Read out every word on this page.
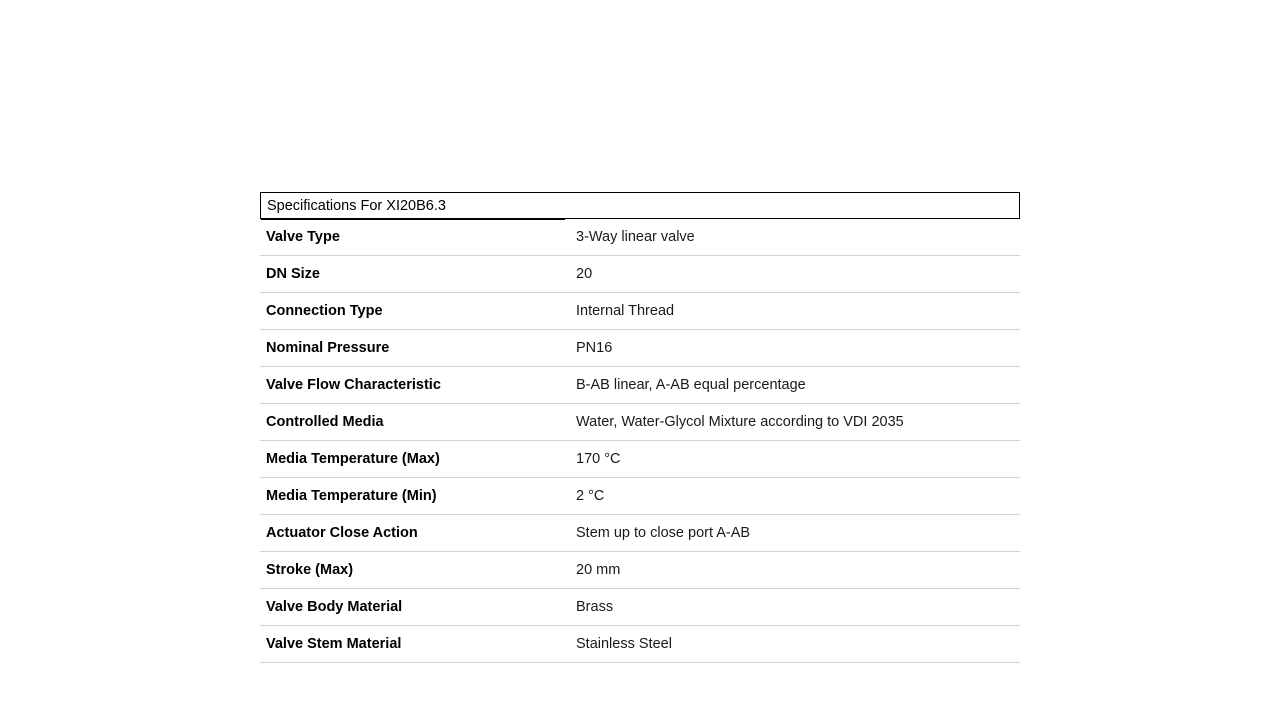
Specifications For XI20B6.3
Valve Type	3-Way linear valve
DN Size	20
Connection Type	Internal Thread
Nominal Pressure	PN16
Valve Flow Characteristic	B-AB linear, A-AB equal percentage
Controlled Media	Water, Water-Glycol Mixture according to VDI 2035
Media Temperature (Max)	170 °C
Media Temperature (Min)	2 °C
Actuator Close Action	Stem up to close port A-AB
Stroke (Max)	20 mm
Valve Body Material	Brass
Valve Stem Material	Stainless Steel
